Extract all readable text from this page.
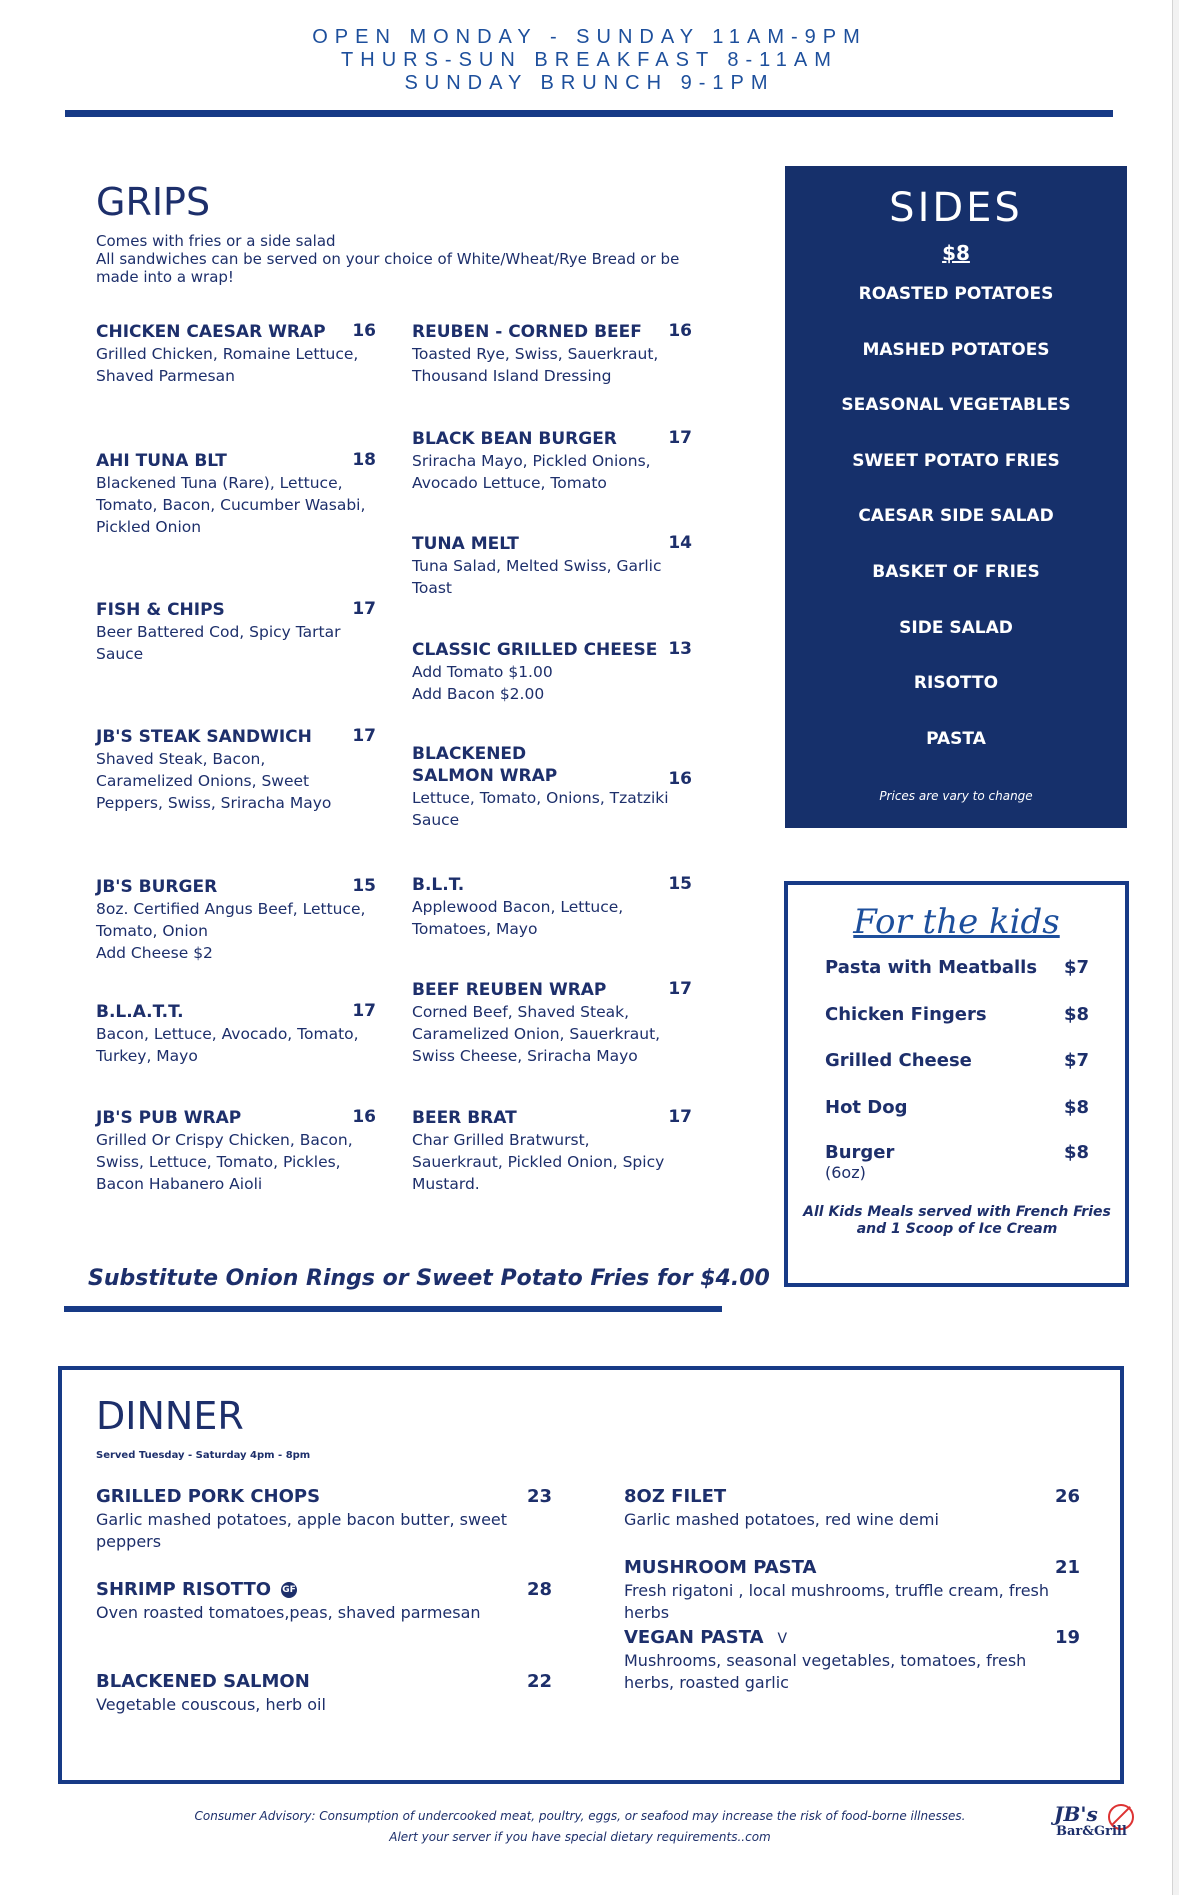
OPEN MONDAY - SUNDAY 11AM-9PM
THURS-SUN BREAKFAST 8-11AM
SUNDAY BRUNCH 9-1PM
GRIPS
Comes with fries or a side salad
All sandwiches can be served on your choice of White/Wheat/Rye Bread or be made into a wrap!
CHICKEN CAESAR WRAP	16
Grilled Chicken, Romaine Lettuce, Shaved Parmesan
AHI TUNA BLT	18
Blackened Tuna (Rare), Lettuce, Tomato, Bacon, Cucumber Wasabi, Pickled Onion
FISH & CHIPS	17
Beer Battered Cod, Spicy Tartar Sauce
JB'S STEAK SANDWICH	17
Shaved Steak, Bacon, Caramelized Onions, Sweet Peppers, Swiss, Sriracha Mayo
JB'S BURGER	15
8oz. Certified Angus Beef, Lettuce, Tomato, Onion
Add Cheese $2
B.L.A.T.T.	17
Bacon, Lettuce, Avocado, Tomato, Turkey, Mayo
JB'S PUB WRAP	16
Grilled Or Crispy Chicken, Bacon, Swiss, Lettuce, Tomato, Pickles, Bacon Habanero Aioli
REUBEN - CORNED BEEF	16
Toasted Rye, Swiss, Sauerkraut, Thousand Island Dressing
BLACK BEAN BURGER	17
Sriracha Mayo, Pickled Onions, Avocado Lettuce, Tomato
TUNA MELT	14
Tuna Salad, Melted Swiss, Garlic Toast
CLASSIC GRILLED CHEESE 13
Add Tomato $1.00
Add Bacon $2.00
BLACKENED SALMON WRAP	16
Lettuce, Tomato, Onions, Tzatziki Sauce
B.L.T.	15
Applewood Bacon, Lettuce, Tomatoes, Mayo
BEEF REUBEN WRAP	17
Corned Beef, Shaved Steak, Caramelized Onion, Sauerkraut, Swiss Cheese, Sriracha Mayo
BEER BRAT	17
Char Grilled Bratwurst, Sauerkraut, Pickled Onion, Spicy Mustard.
Substitute Onion Rings or Sweet Potato Fries for $4.00
SIDES
$8
ROASTED POTATOES
MASHED POTATOES
SEASONAL VEGETABLES
SWEET POTATO FRIES
CAESAR SIDE SALAD
BASKET OF FRIES
SIDE SALAD
RISOTTO
PASTA
Prices are vary to change
For the kids
Pasta with Meatballs $7
Chicken Fingers	$8
Grilled Cheese	$7
Hot Dog	$8
Burger	$8
(6oz)
All Kids Meals served with French Fries and 1 Scoop of Ice Cream
DINNER
Served Tuesday - Saturday 4pm - 8pm
GRILLED PORK CHOPS	23
Garlic mashed potatoes, apple bacon butter, sweet peppers
SHRIMP RISOTTO GF	28
Oven roasted tomatoes,peas, shaved parmesan
BLACKENED SALMON	22
Vegetable couscous, herb oil
8OZ FILET	26
Garlic mashed potatoes, red wine demi
MUSHROOM PASTA	21
Fresh rigatoni , local mushrooms, truffle cream, fresh herbs
VEGAN PASTA V	19
Mushrooms, seasonal vegetables, tomatoes, fresh herbs, roasted garlic
Consumer Advisory: Consumption of undercooked meat, poultry, eggs, or seafood may increase the risk of food-borne illnesses.
Alert your server if you have special dietary requirements..com
JB's
Bar&Grill
